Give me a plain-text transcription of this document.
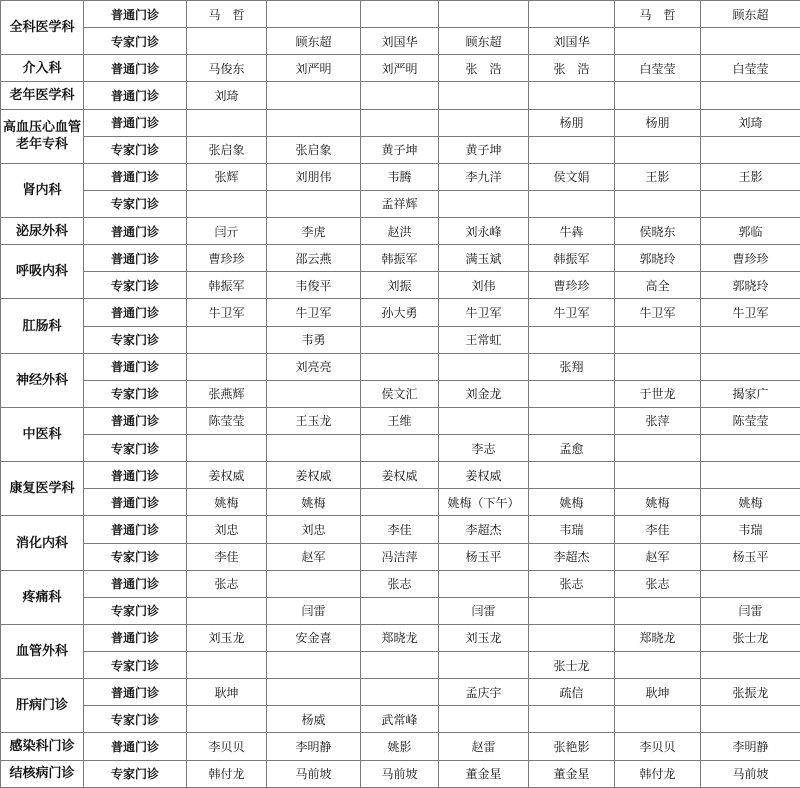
全科医学科	普通门诊	马　哲					马　哲	顾东超
	专家门诊		顾东超	刘国华	顾东超	刘国华		
介入科	普通门诊	马俊东	刘严明	刘严明	张　浩	张　浩	白莹莹	白莹莹
老年医学科	普通门诊	刘琦						
高血压心血管
老年专科	普通门诊					杨朋	杨朋	刘琦
	专家门诊	张启象	张启象	黄子坤	黄子坤			
肾内科	普通门诊	张辉	刘朋伟	韦腾	李九洋	侯文娟	王影	王影
	专家门诊			孟祥辉				
泌尿外科	普通门诊	闫亓	李虎	赵洪	刘永峰	牛犇	侯晓东	郭临
呼吸内科	普通门诊	曹珍珍	邵云燕	韩振军	满玉斌	韩振军	郭晓玲	曹珍珍
	专家门诊	韩振军	韦俊平	刘振	刘伟	曹珍珍	高全	郭晓玲
肛肠科	普通门诊	牛卫军	牛卫军	孙大勇	牛卫军	牛卫军	牛卫军	牛卫军
	专家门诊		韦勇		王常虹			
神经外科	普通门诊		刘亮亮			张翔		
	专家门诊	张燕辉		侯文汇	刘金龙		于世龙	揭家广
中医科	普通门诊	陈莹莹	王玉龙	王维			张萍	陈莹莹
	专家门诊				李志	孟愈		
康复医学科	普通门诊	姜权威	姜权威	姜权威	姜权威			
	普通门诊	姚梅	姚梅		姚梅（下午）	姚梅	姚梅	姚梅
消化内科	普通门诊	刘忠	刘忠	李佳	李超杰	韦瑞	李佳	韦瑞
	专家门诊	李佳	赵军	冯洁萍	杨玉平	李超杰	赵军	杨玉平
疼痛科	普通门诊	张志		张志		张志	张志	
	专家门诊		闫雷		闫雷			闫雷
血管外科	普通门诊	刘玉龙	安金喜	郑晓龙	刘玉龙		郑晓龙	张士龙
	专家门诊					张士龙		
肝病门诊	普通门诊	耿坤			孟庆宇	疏信	耿坤	张振龙
	专家门诊		杨威	武常峰				
感染科门诊	普通门诊	李贝贝	李明静	姚影	赵雷	张艳影	李贝贝	李明静
结核病门诊	专家门诊	韩付龙	马前坡	马前坡	董金星	董金星	韩付龙	马前坡
